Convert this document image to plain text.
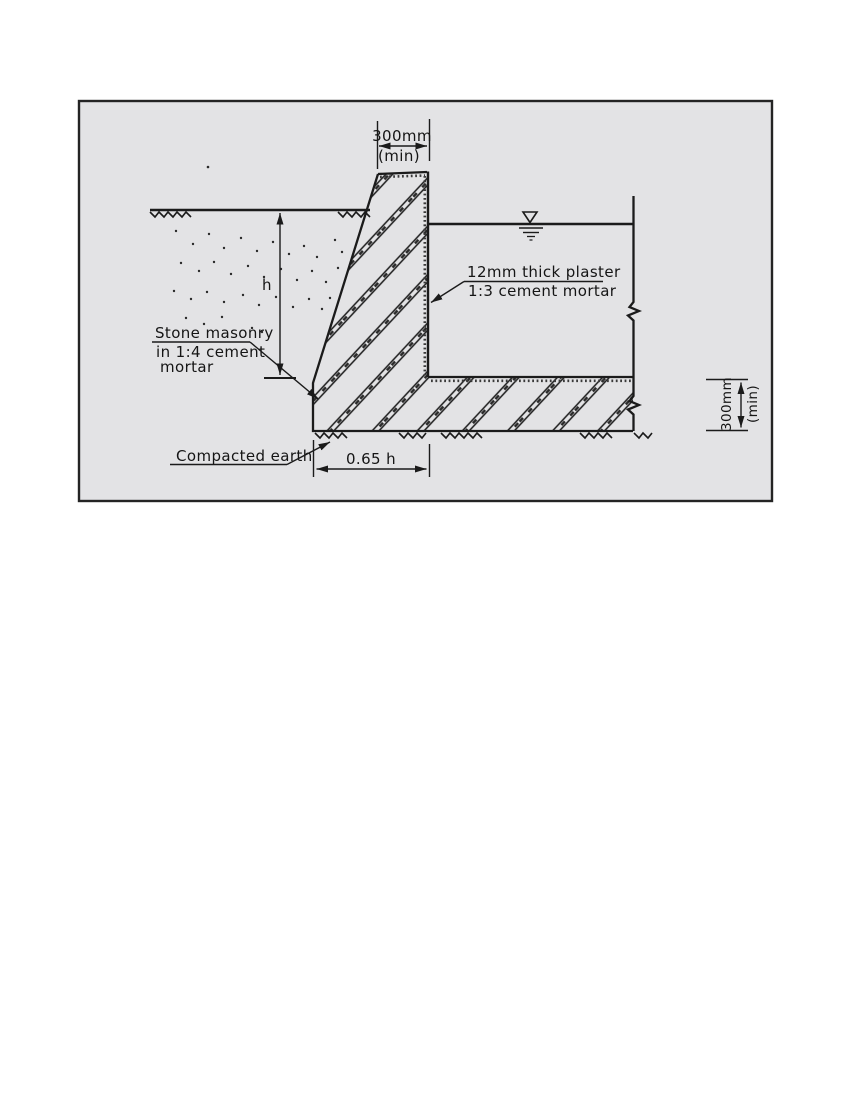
300mm
(min)
h
12mm thick plaster
1:3 cement mortar
Stone masonry
in 1:4 cement
mortar
Compacted earth 0.65 h
300mm (min)
